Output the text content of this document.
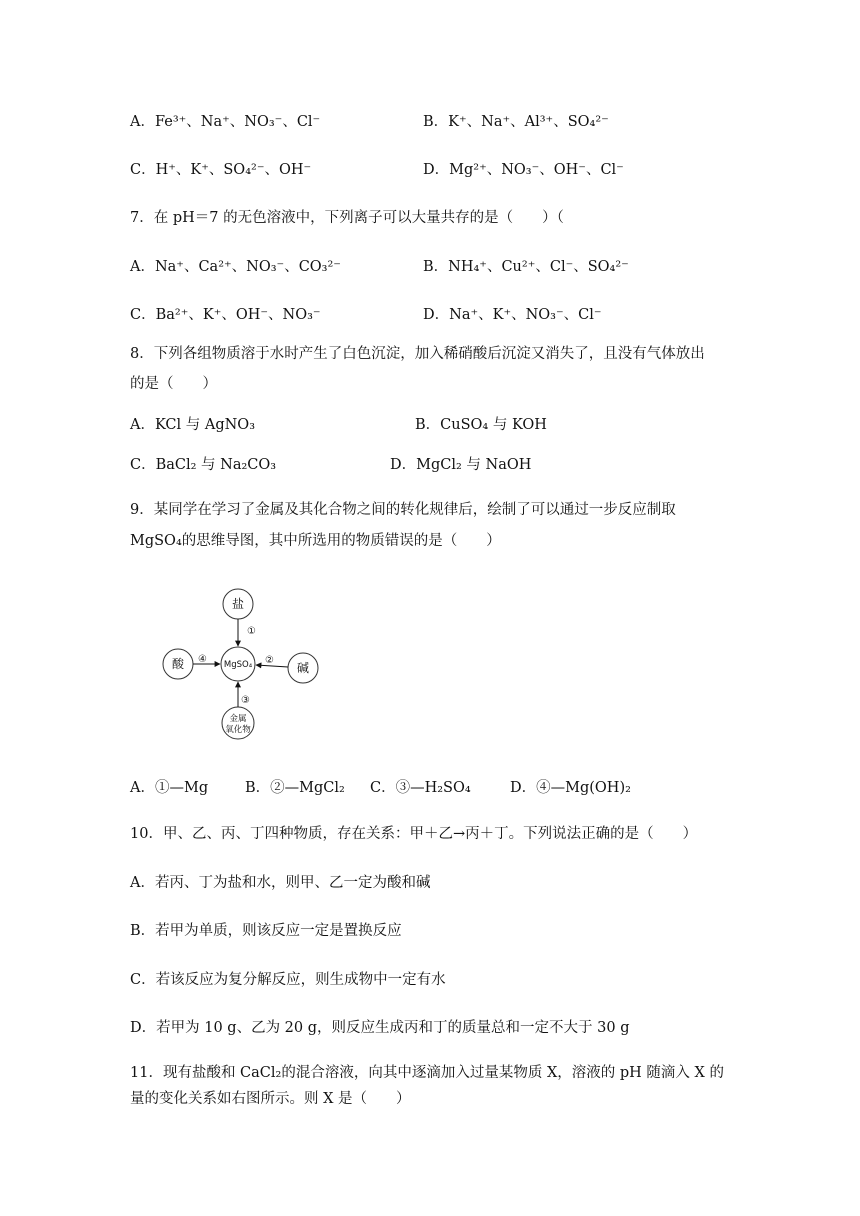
A．Fe³⁺、Na⁺、NO₃⁻、Cl⁻	B．K⁺、Na⁺、Al³⁺、SO₄²⁻
C．H⁺、K⁺、SO₄²⁻、OH⁻	D．Mg²⁺、NO₃⁻、OH⁻、Cl⁻
7．在 pH＝7 的无色溶液中，下列离子可以大量共存的是（　　）（
A．Na⁺、Ca²⁺、NO₃⁻、CO₃²⁻	B．NH₄⁺、Cu²⁺、Cl⁻、SO₄²⁻
C．Ba²⁺、K⁺、OH⁻、NO₃⁻	D．Na⁺、K⁺、NO₃⁻、Cl⁻
8．下列各组物质溶于水时产生了白色沉淀，加入稀硝酸后沉淀又消失了，且没有气体放出
的是（　　）
A．KCl 与 AgNO₃	B．CuSO₄ 与 KOH
C．BaCl₂ 与 Na₂CO₃	D．MgCl₂ 与 NaOH
9．某同学在学习了金属及其化合物之间的转化规律后，绘制了可以通过一步反应制取
MgSO₄的思维导图，其中所选用的物质错误的是（　　）
盐
酸	碱
MgSO₄
金属
氧化物
①
②
③
④
A．①—Mg	B．②—MgCl₂ C．③—H₂SO₄	D．④—Mg(OH)₂
10．甲、乙、丙、丁四种物质，存在关系：甲＋乙→丙＋丁。下列说法正确的是（　　）
A．若丙、丁为盐和水，则甲、乙一定为酸和碱
B．若甲为单质，则该反应一定是置换反应
C．若该反应为复分解反应，则生成物中一定有水
D．若甲为 10 g、乙为 20 g，则反应生成丙和丁的质量总和一定不大于 30 g
11．现有盐酸和 CaCl₂的混合溶液，向其中逐滴加入过量某物质 X，溶液的 pH 随滴入 X 的
量的变化关系如右图所示。则 X 是（　　）
